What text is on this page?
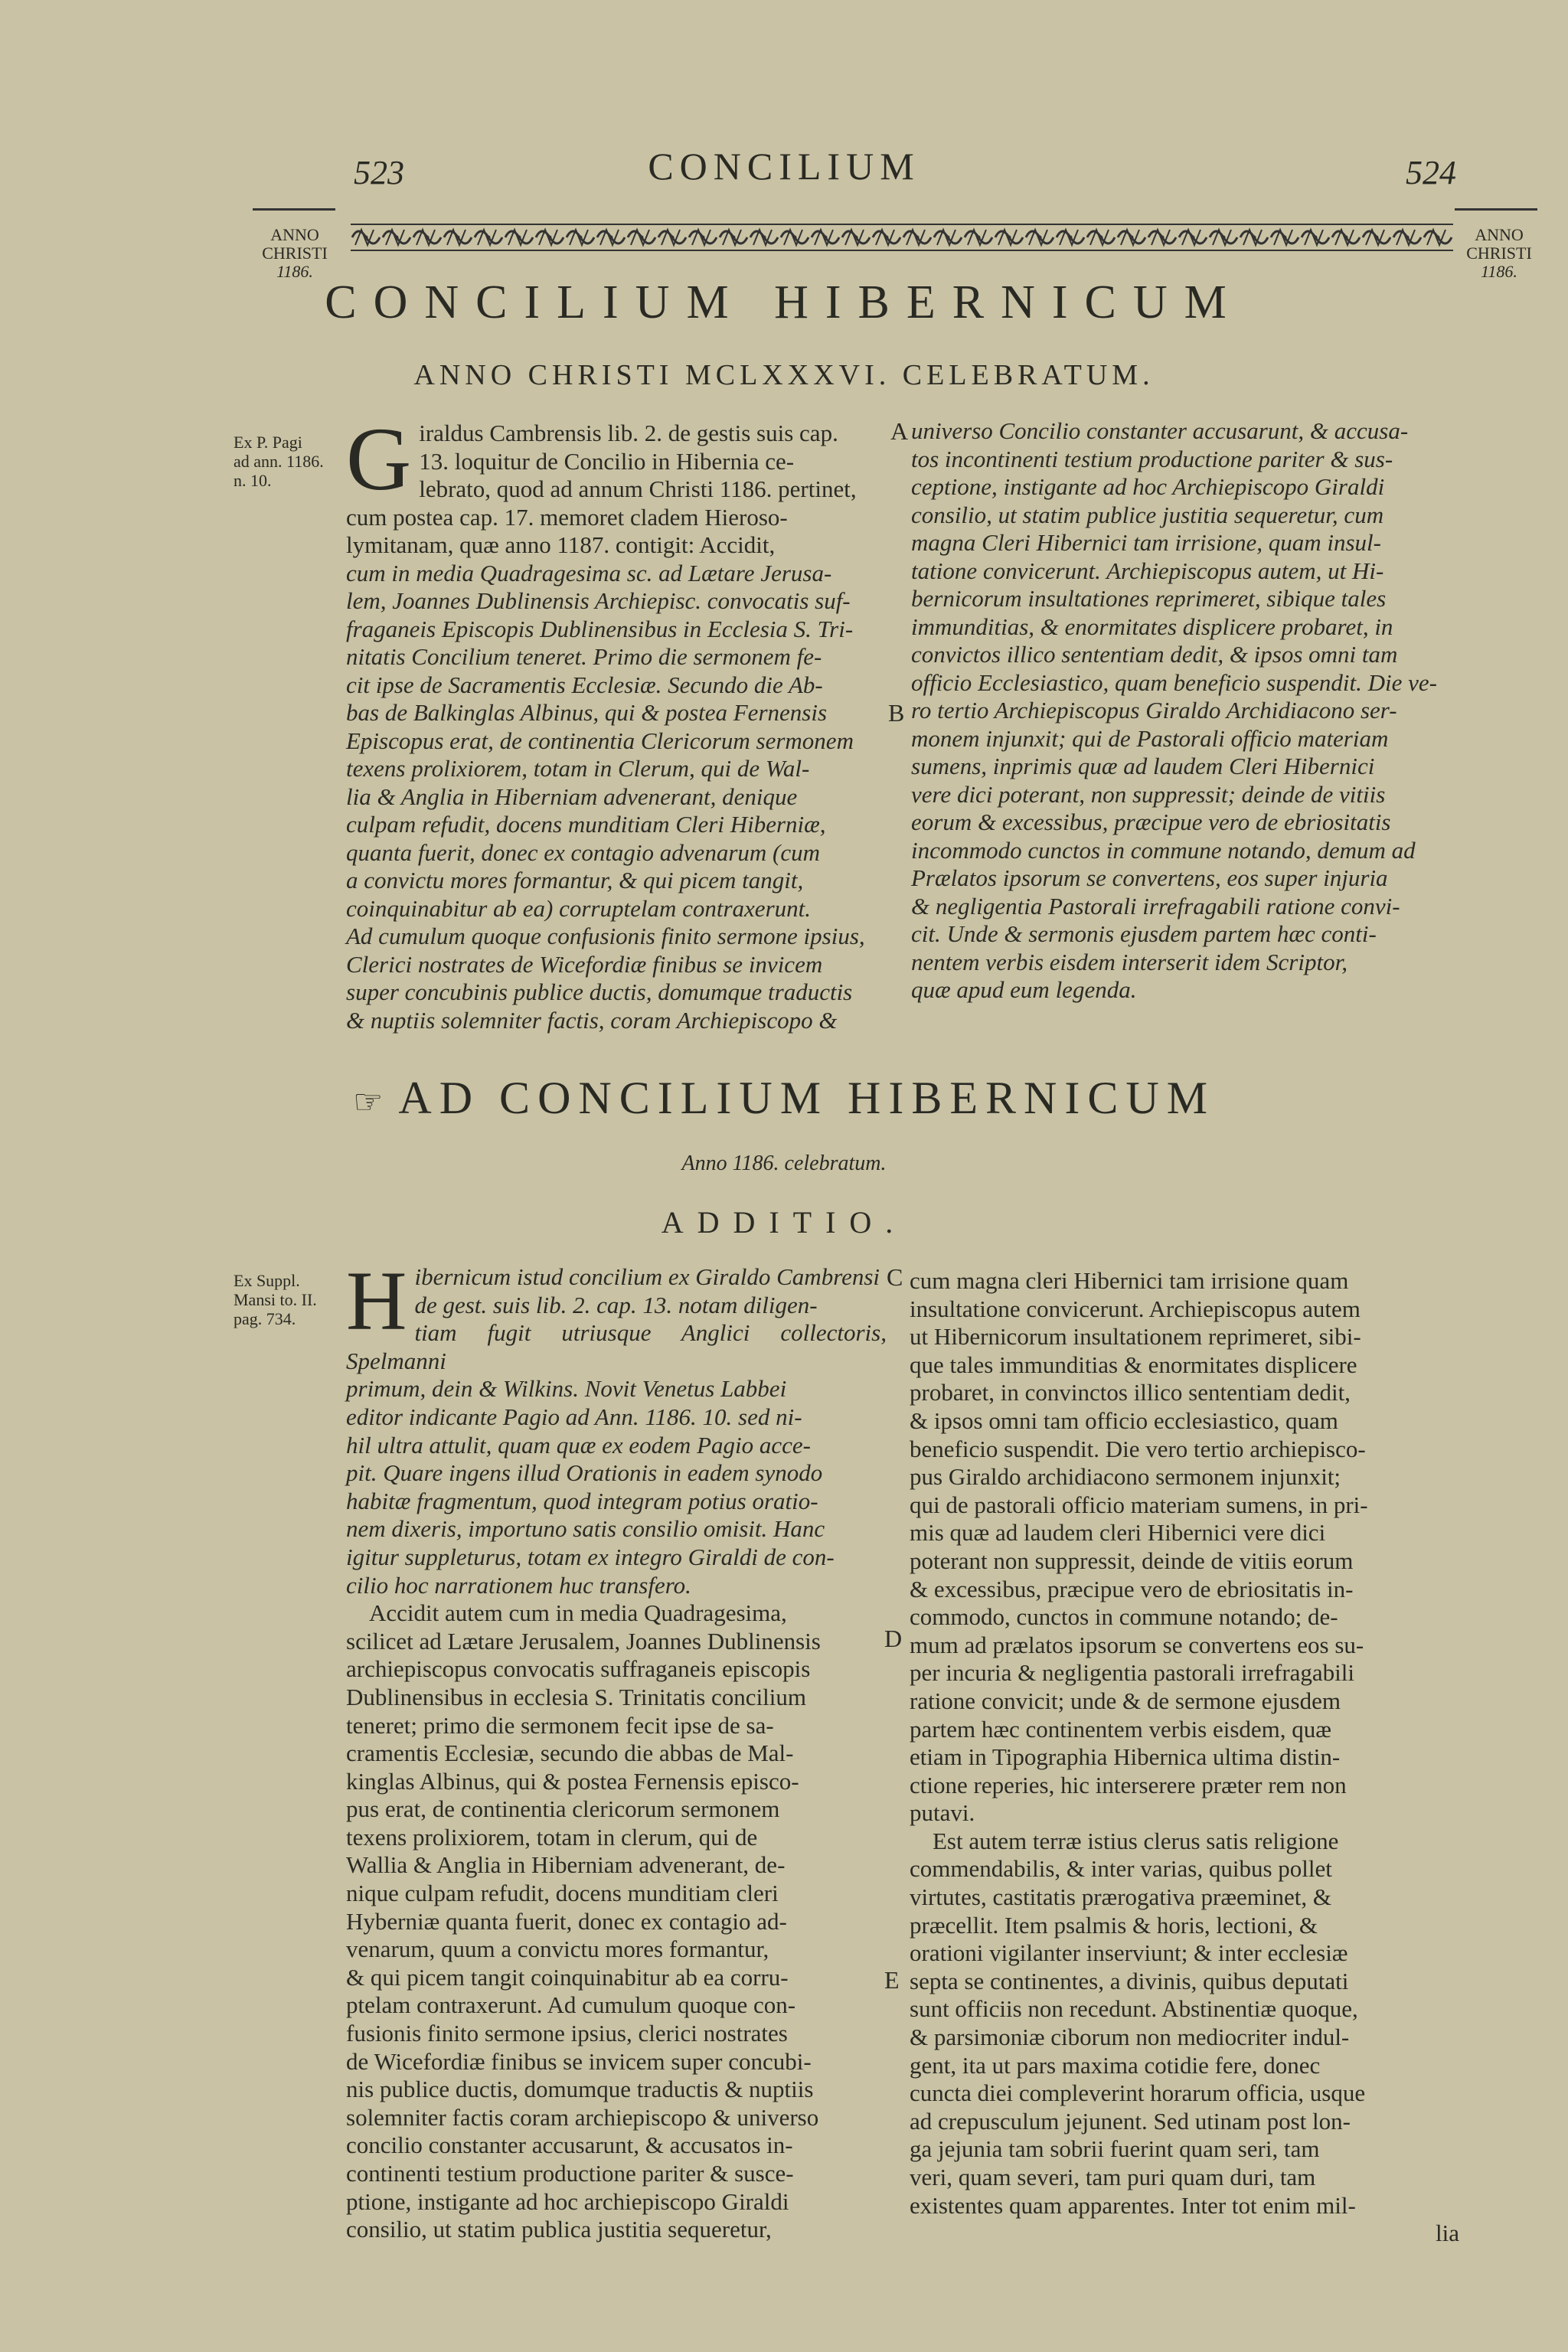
523	CONCILIUM	524
ANNO
CHRISTI
1186.
ANNO
CHRISTI
1186.
CONCILIUM HIBERNICUM
ANNO CHRISTI MCLXXXVI. CELEBRATUM.
Ex P. Pagi
ad ann. 1186.
n. 10. G iraldus Cambrensis lib. 2. de gestis suis cap.

13. loquitur de Concilio in Hibernia ce-

lebrato, quod ad annum Christi 1186. pertinet,

cum postea cap. 17. memoret cladem Hieroso-

lymitanam, quæ anno 1187. contigit: Accidit,

cum in media Quadragesima sc. ad Lætare Jerusa-

lem, Joannes Dublinensis Archiepisc. convocatis suf-

fraganeis Episcopis Dublinensibus in Ecclesia S. Tri-

nitatis Concilium teneret. Primo die sermonem fe-

cit ipse de Sacramentis Ecclesiæ. Secundo die Ab-

bas de Balkinglas Albinus, qui & postea Fernensis

Episcopus erat, de continentia Clericorum sermonem

texens prolixiorem, totam in Clerum, qui de Wal-

lia & Anglia in Hiberniam advenerant, denique

culpam refudit, docens munditiam Cleri Hiberniæ,

quanta fuerit, donec ex contagio advenarum (cum

a convictu mores formantur, & qui picem tangit,

coinquinabitur ab ea) corruptelam contraxerunt.

Ad cumulum quoque confusionis finito sermone ipsius,

Clerici nostrates de Wicefordiæ finibus se invicem

super concubinis publice ductis, domumque traductis

& nuptiis solemniter factis, coram Archiepiscopo &

A
B

universo Concilio constanter accusarunt, & accusa-

tos incontinenti testium productione pariter & sus-

ceptione, instigante ad hoc Archiepiscopo Giraldi

consilio, ut statim publice justitia sequeretur, cum

magna Cleri Hibernici tam irrisione, quam insul-

tatione convicerunt. Archiepiscopus autem, ut Hi-

bernicorum insultationes reprimeret, sibique tales

immunditias, & enormitates displicere probaret, in

convictos illico sententiam dedit, & ipsos omni tam

officio Ecclesiastico, quam beneficio suspendit. Die ve-

ro tertio Archiepiscopus Giraldo Archidiacono ser-

monem injunxit; qui de Pastorali officio materiam

sumens, inprimis quæ ad laudem Cleri Hibernici

vere dici poterant, non suppressit; deinde de vitiis

eorum & excessibus, præcipue vero de ebriositatis

incommodo cunctos in commune notando, demum ad

Prælatos ipsorum se convertens, eos super injuria

& negligentia Pastorali irrefragabili ratione convi-

cit. Unde & sermonis ejusdem partem hæc conti-

nentem verbis eisdem interserit idem Scriptor,

quæ apud eum legenda.

☞ AD CONCILIUM HIBERNICUM
Anno 1186. celebratum.
ADDITIO.
Ex Suppl.
Mansi to. II.
pag. 734. H ibernicum istud concilium ex Giraldo Cambrensi

de gest. suis lib. 2. cap. 13. notam diligen-

tiam fugit utriusque Anglici collectoris, Spelmanni

primum, dein & Wilkins. Novit Venetus Labbei

editor indicante Pagio ad Ann. 1186. 10. sed ni-

hil ultra attulit, quam quæ ex eodem Pagio acce-

pit. Quare ingens illud Orationis in eadem synodo

habitæ fragmentum, quod integram potius oratio-

nem dixeris, importuno satis consilio omisit. Hanc

igitur suppleturus, totam ex integro Giraldi de con-

cilio hoc narrationem huc transfero.

Accidit autem cum in media Quadragesima,

scilicet ad Lætare Jerusalem, Joannes Dublinensis

archiepiscopus convocatis suffraganeis episcopis

Dublinensibus in ecclesia S. Trinitatis concilium

teneret; primo die sermonem fecit ipse de sa-

cramentis Ecclesiæ, secundo die abbas de Mal-

kinglas Albinus, qui & postea Fernensis episco-

pus erat, de continentia clericorum sermonem

texens prolixiorem, totam in clerum, qui de

Wallia & Anglia in Hiberniam advenerant, de-

nique culpam refudit, docens munditiam cleri

Hyberniæ quanta fuerit, donec ex contagio ad-

venarum, quum a convictu mores formantur,

& qui picem tangit coinquinabitur ab ea corru-

ptelam contraxerunt. Ad cumulum quoque con-

fusionis finito sermone ipsius, clerici nostrates

de Wicefordiæ finibus se invicem super concubi-

nis publice ductis, domumque traductis & nuptiis

solemniter factis coram archiepiscopo & universo

concilio constanter accusarunt, & accusatos in-

continenti testium productione pariter & susce-

ptione, instigante ad hoc archiepiscopo Giraldi

consilio, ut statim publica justitia sequeretur,

C
D
E

cum magna cleri Hibernici tam irrisione quam

insultatione convicerunt. Archiepiscopus autem

ut Hibernicorum insultationem reprimeret, sibi-

que tales immunditias & enormitates displicere

probaret, in convinctos illico sententiam dedit,

& ipsos omni tam officio ecclesiastico, quam

beneficio suspendit. Die vero tertio archiepisco-

pus Giraldo archidiacono sermonem injunxit;

qui de pastorali officio materiam sumens, in pri-

mis quæ ad laudem cleri Hibernici vere dici

poterant non suppressit, deinde de vitiis eorum

& excessibus, præcipue vero de ebriositatis in-

commodo, cunctos in commune notando; de-

mum ad prælatos ipsorum se convertens eos su-

per incuria & negligentia pastorali irrefragabili

ratione convicit; unde & de sermone ejusdem

partem hæc continentem verbis eisdem, quæ

etiam in Tipographia Hibernica ultima distin-

ctione reperies, hic interserere præter rem non

putavi.

Est autem terræ istius clerus satis religione

commendabilis, & inter varias, quibus pollet

virtutes, castitatis prærogativa præeminet, &

præcellit. Item psalmis & horis, lectioni, &

orationi vigilanter inserviunt; & inter ecclesiæ

septa se continentes, a divinis, quibus deputati

sunt officiis non recedunt. Abstinentiæ quoque,

& parsimoniæ ciborum non mediocriter indul-

gent, ita ut pars maxima cotidie fere, donec

cuncta diei compleverint horarum officia, usque

ad crepusculum jejunent. Sed utinam post lon-

ga jejunia tam sobrii fuerint quam seri, tam

veri, quam severi, tam puri quam duri, tam

existentes quam apparentes. Inter tot enim mil-

lia
